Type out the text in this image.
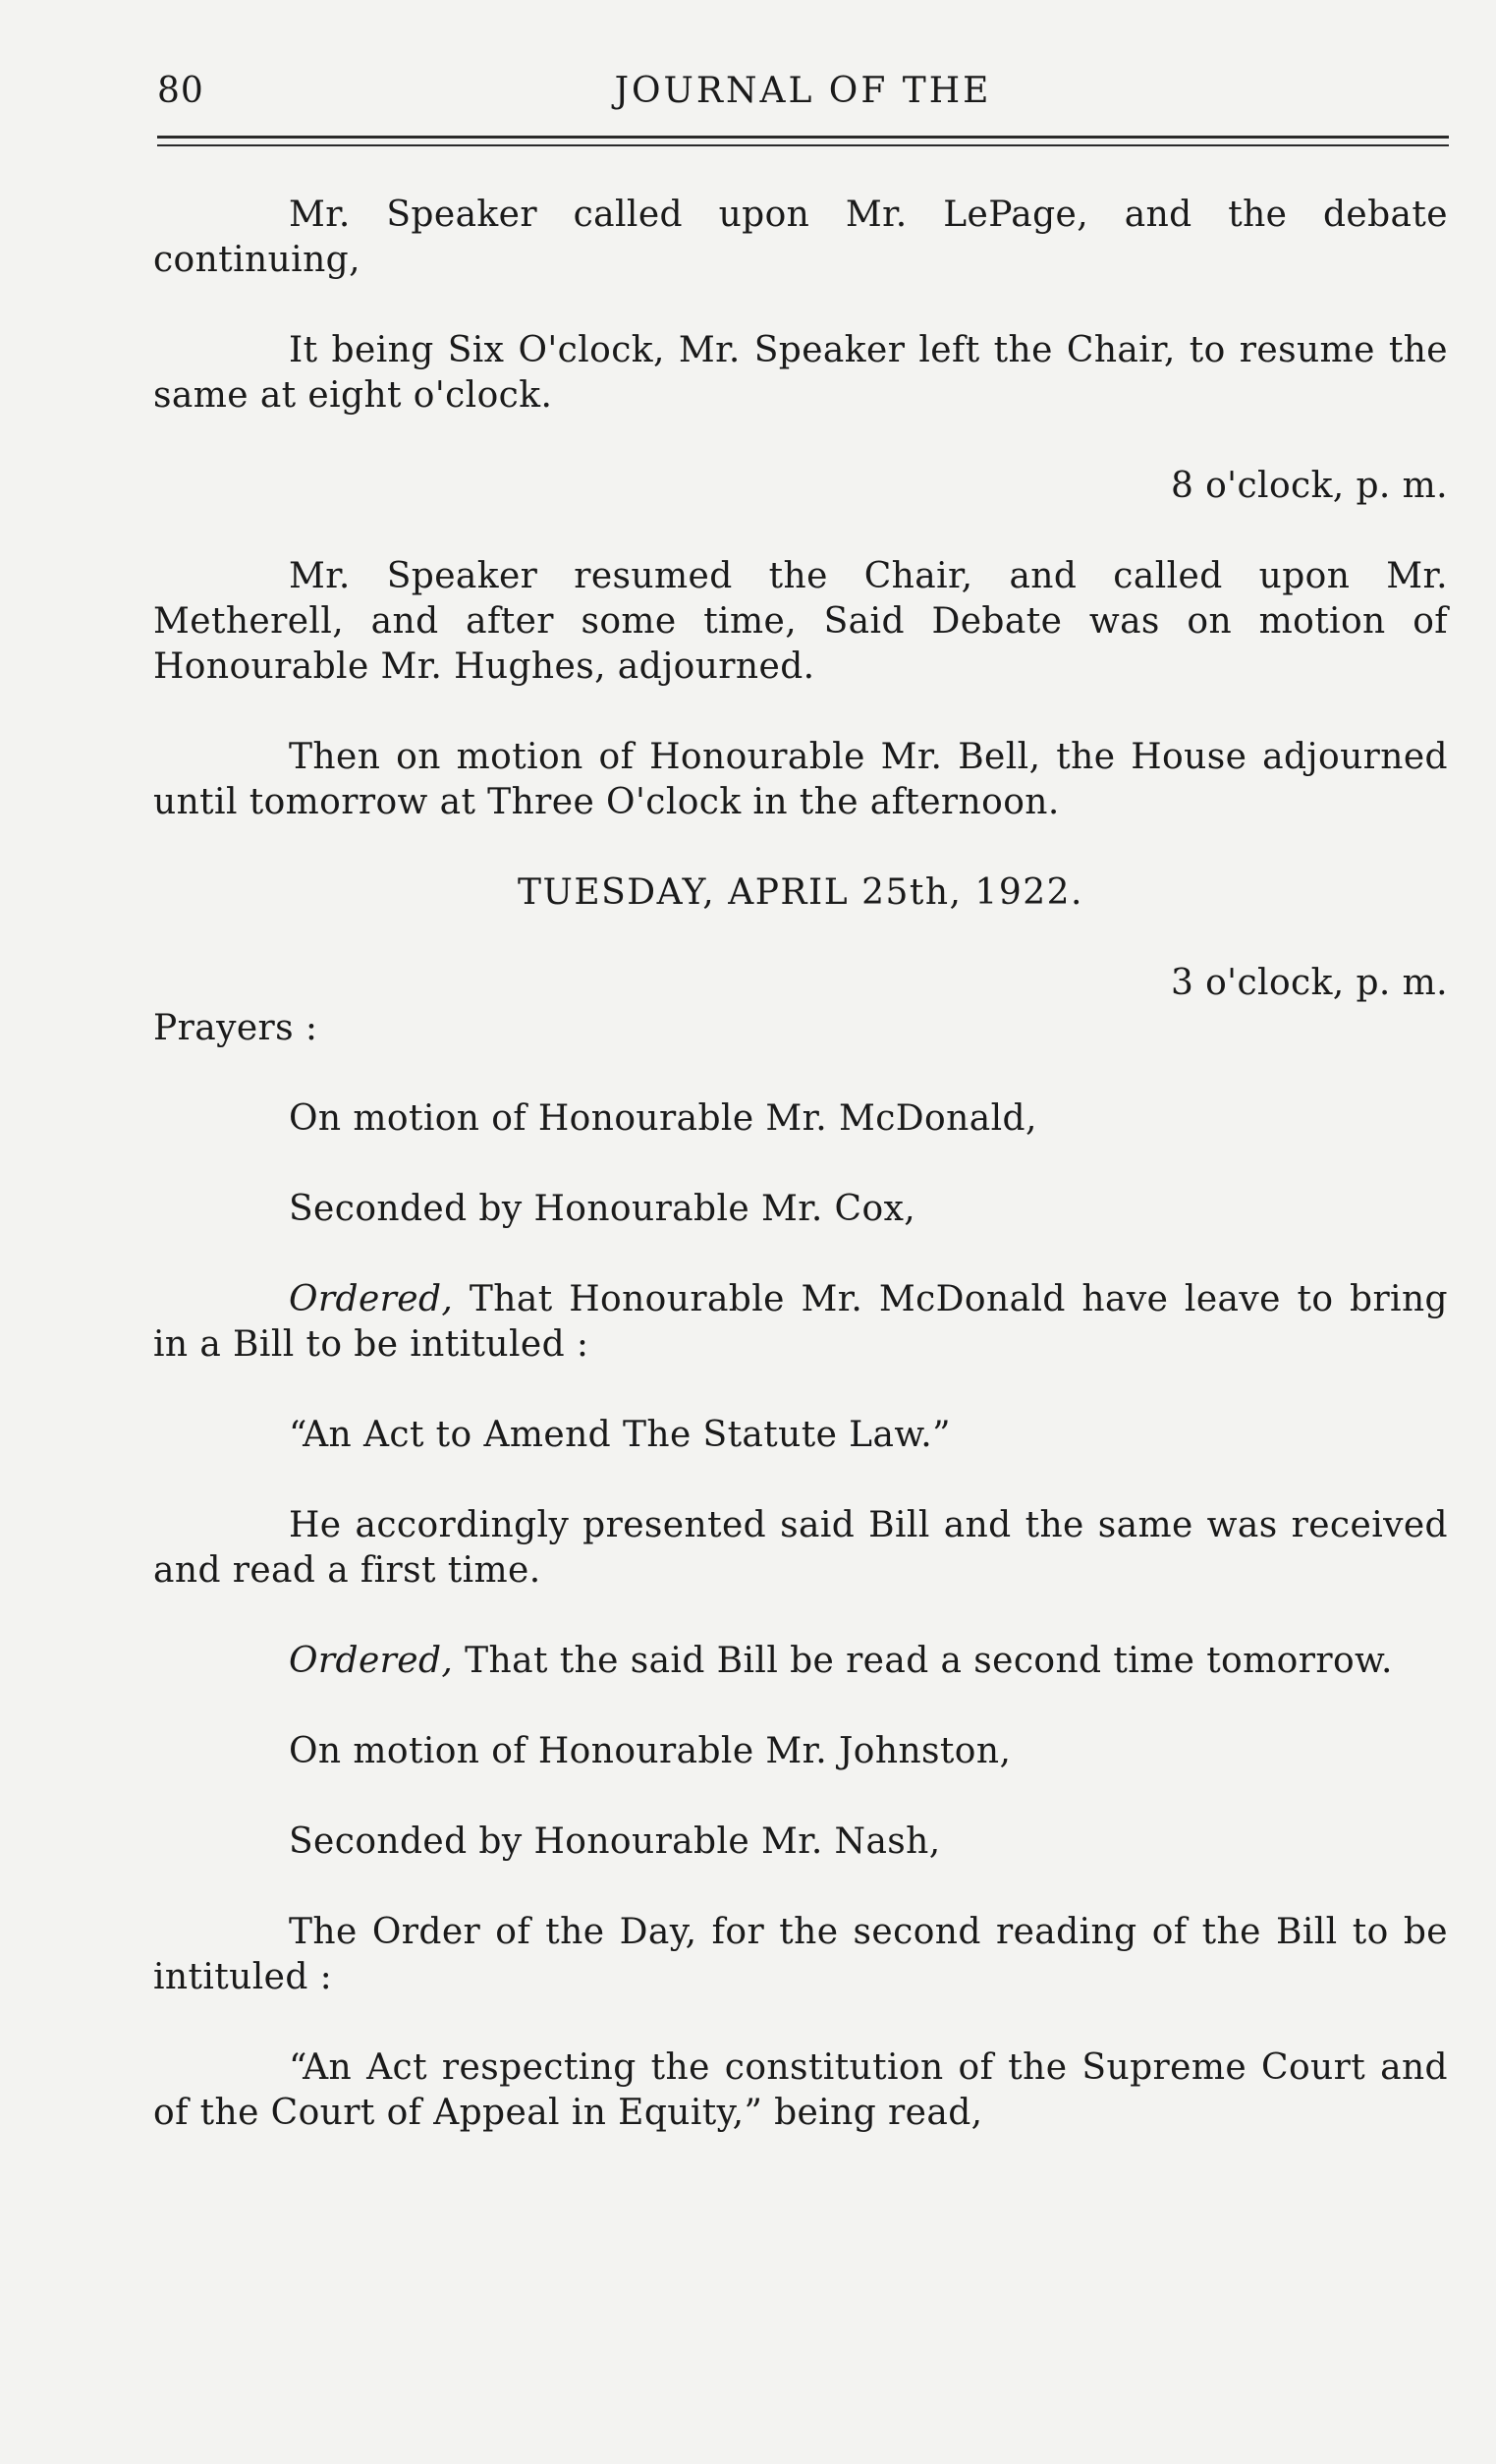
80	JOURNAL OF THE

Mr. Speaker called upon Mr. LePage, and the debate continuing,

It being Six O'clock, Mr. Speaker left the Chair, to resume the same at eight o'clock.

8 o'clock, p. m.

Mr. Speaker resumed the Chair, and called upon Mr. Metherell, and after some time, Said Debate was on motion of Honourable Mr. Hughes, adjourned.

Then on motion of Honourable Mr. Bell, the House adjourned until tomorrow at Three O'clock in the afternoon.

TUESDAY, APRIL 25th, 1922.

3 o'clock, p. m.

Prayers :

On motion of Honourable Mr. McDonald,

Seconded by Honourable Mr. Cox,

Ordered, That Honourable Mr. McDonald have leave to bring in a Bill to be intituled :

“An Act to Amend The Statute Law.”

He accordingly presented said Bill and the same was received and read a first time.

Ordered, That the said Bill be read a second time tomorrow.

On motion of Honourable Mr. Johnston,

Seconded by Honourable Mr. Nash,

The Order of the Day, for the second reading of the Bill to be intituled :

“An Act respecting the constitution of the Supreme Court and of the Court of Appeal in Equity,” being read,
